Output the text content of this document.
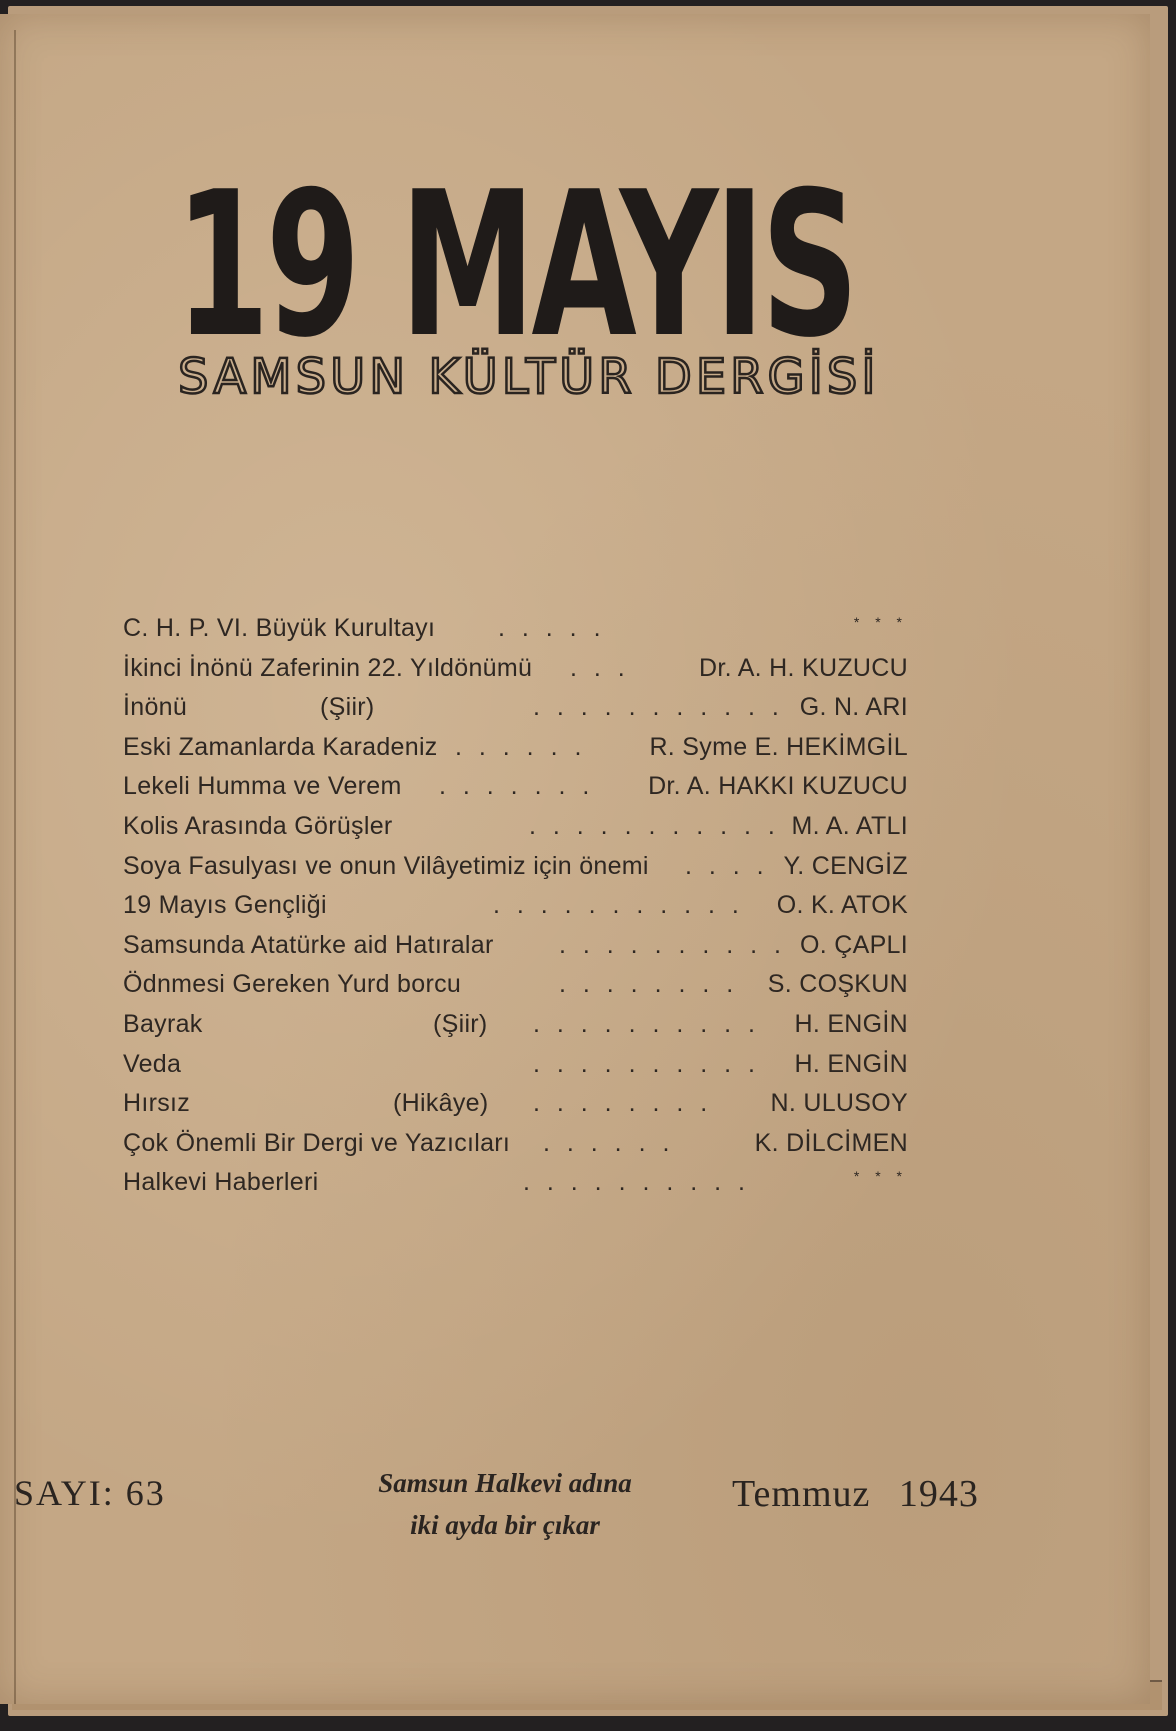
19 MAYIS
SAMSUN KÜLTÜR DERGİSİ
C. H. P. VI. Büyük Kurultayı	. . . . .	* * *
İkinci İnönü Zaferinin 22. Yıldönümü . . .	Dr. A. H. KUZUCU
İnönü	(Şiir)	. . . . . . . . . . . G. N. ARI
Eski Zamanlarda Karadeniz . . . . . .	R. Syme E. HEKİMGİL
Lekeli Humma ve Verem . . . . . . . Dr. A. HAKKI KUZUCU
Kolis Arasında Görüşler	. . . . . . . . . . . M. A. ATLI
Soya Fasulyası ve onun Vilâyetimiz için önemi . . . . Y. CENGİZ
19 Mayıs Gençliği	. . . . . . . . . . . O. K. ATOK
Samsunda Atatürke aid Hatıralar	. . . . . . . . . . O. ÇAPLI
Ödnmesi Gereken Yurd borcu	. . . . . . . . S. COŞKUN
Bayrak	(Şiir) . . . . . . . . . . H. ENGİN
Veda	. . . . . . . . . . H. ENGİN
Hırsız	(Hikâye) . . . . . . . . N. ULUSOY
Çok Önemli Bir Dergi ve Yazıcıları . . . . . .	K. DİLCİMEN
Halkevi Haberleri	. . . . . . . . . .	* * *
SAYI: 63	Samsun Halkevi adına
iki ayda bir çıkar
Temmuz 1943
